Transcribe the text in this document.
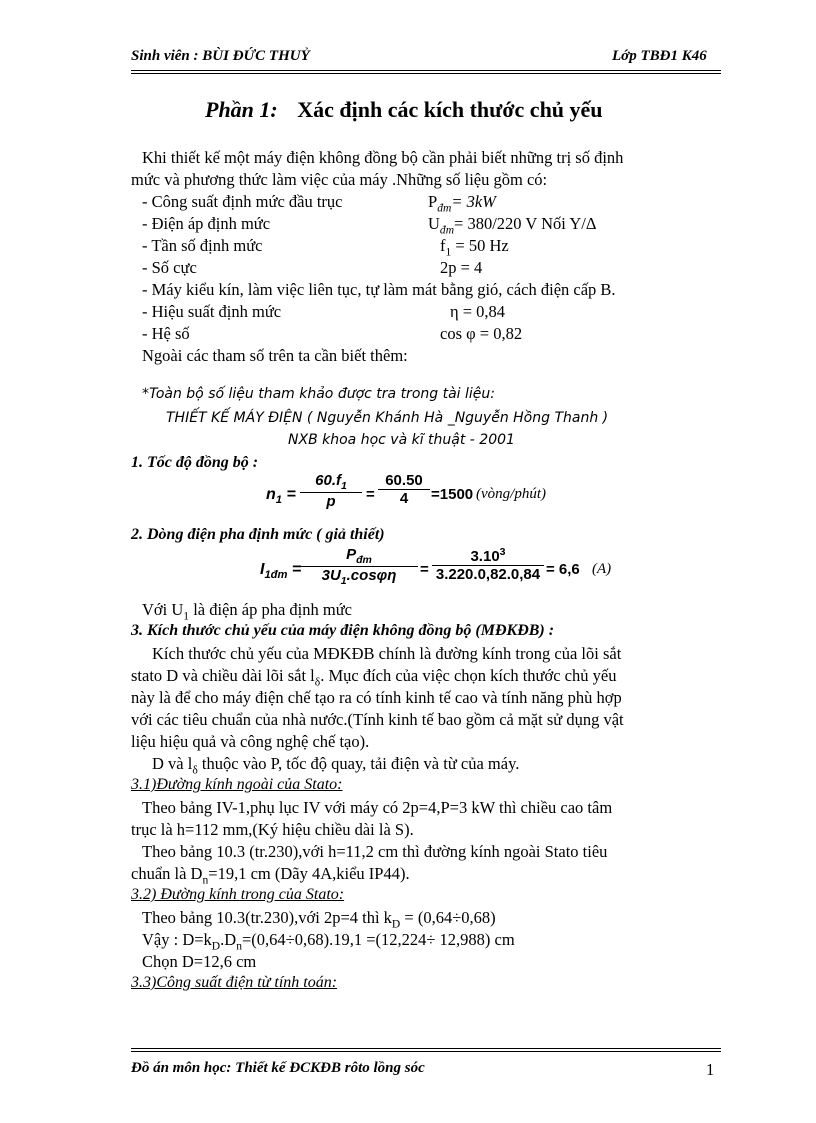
Sinh viên : BÙI ĐỨC THUỶ	Lớp TBĐ1 K46
Phần 1: Xác định các kích thước chủ yếu
Khi thiết kế một máy điện không đồng bộ cần phải biết những trị số định
mức và phương thức làm việc của máy .Những số liệu gồm có:
- Công suất định mức đầu trục	$P_{đm}= 3kW$
- Điện áp định mức	$U_{đm}= 380/220$ V Nối Y/Δ
- Tần số định mức	$f_1 = 50$ Hz
- Số cực	2p = 4
- Máy kiểu kín, làm việc liên tục, tự làm mát bằng gió, cách điện cấp B.
- Hiệu suất định mức	η = 0,84
- Hệ số	cos φ = 0,82
Ngoài các tham số trên ta cần biết thêm:
*Toàn bộ số liệu tham khảo được tra trong tài liệu:
THIẾT KẾ MÁY ĐIỆN ( Nguyễn Khánh Hà _Nguyễn Hồng Thanh )
NXB khoa học và kĩ thuật - 2001
1. Tốc độ đồng bộ :
$n_1 = \frac{60.f_1}{p} = \frac{60.50}{4} =1500$ (vòng/phút)
2. Dòng điện pha định mức ( giả thiết)
$I_{1đm}$ =
$P_{đm}$
$3U_1.\cos\varphi\eta$	= $\frac{3.10^3}{3.220.0,82.0,84} = 6,6$ (A)
Với $U_1$ là điện áp pha định mức
3. Kích thước chủ yếu của máy điện không đồng bộ (MĐKĐB) :
Kích thước chủ yếu của MĐKĐB chính là đường kính trong của lõi sắt
stato D và chiều dài lõi sắt $l_\delta$. Mục đích của việc chọn kích thước chủ yếu
này là để cho máy điện chế tạo ra có tính kinh tế cao và tính năng phù hợp
với các tiêu chuẩn của nhà nước.(Tính kinh tế bao gồm cả mặt sử dụng vật
liệu hiệu quả và công nghệ chế tạo).
D và $l_\delta$ thuộc vào P, tốc độ quay, tải điện và từ của máy.
3.1)Đường kính ngoài của Stato:
Theo bảng IV-1,phụ lục IV với máy có 2p=4,P=3 kW thì chiều cao tâm
trục là h=112 mm,(Ký hiệu chiều dài là S).
Theo bảng 10.3 (tr.230),với h=11,2 cm thì đường kính ngoài Stato tiêu
chuẩn là $D_n=19,1$ cm (Dãy 4A,kiểu IP44).
3.2) Đường kính trong của Stato:
Theo bảng 10.3(tr.230),với 2p=4 thì $k_D = (0,64\div 0,68)$
Vậy : $D=k_D.D_n=(0,64\div 0,68).19,1 =(12,224\div 12,988)$ cm
Chọn D=12,6 cm
3.3)Công suất điện từ tính toán:
Đồ án môn học: Thiết kế ĐCKĐB rôto lồng sóc	1
